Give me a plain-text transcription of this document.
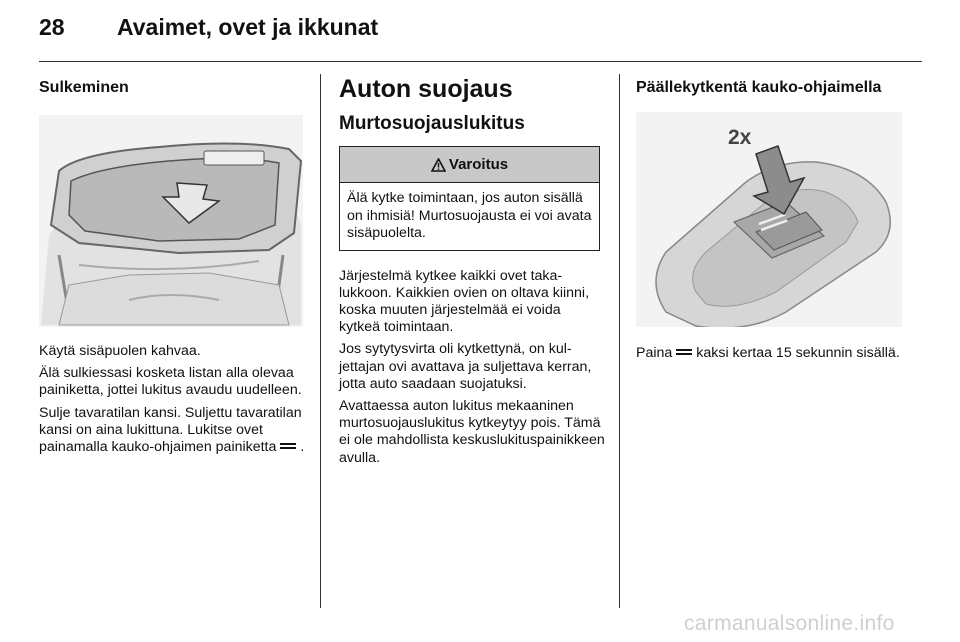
28 Avaimet, ovet ja ikkunat
Sulkeminen

Käytä sisäpuolen kahvaa.

Älä sulkiessasi kosketa listan alla olevaa painiketta, jottei lukitus avaudu uudelleen.

Sulje tavaratilan kansi. Suljettu tavaratilan kansi on aina lukittuna. Lukitse ovet painamalla kauko-ohjaimen painiketta .

Auton suojaus
Murtosuojauslukitus
Varoitus
Älä kytke toimintaan, jos auton sisällä on ihmisiä! Murtosuojausta ei voi avata sisäpuolelta.

Järjestelmä kytkee kaikki ovet takalukkoon. Kaikkien ovien on oltava kiinni, koska muuten järjestelmää ei voida kytkeä toimintaan.

Jos sytytysvirta oli kytkettynä, on kuljettajan ovi avattava ja suljettava kerran, jotta auto saadaan suojatuksi.

Avattaessa auton lukitus mekaaninen murtosuojauslukitus kytkeytyy pois. Tämä ei ole mahdollista keskuslukituspainikkeen avulla.

Päällekytkentä kauko-ohjaimella
2x

Paina kaksi kertaa 15 sekunnin sisällä.

carmanualsonline.info
